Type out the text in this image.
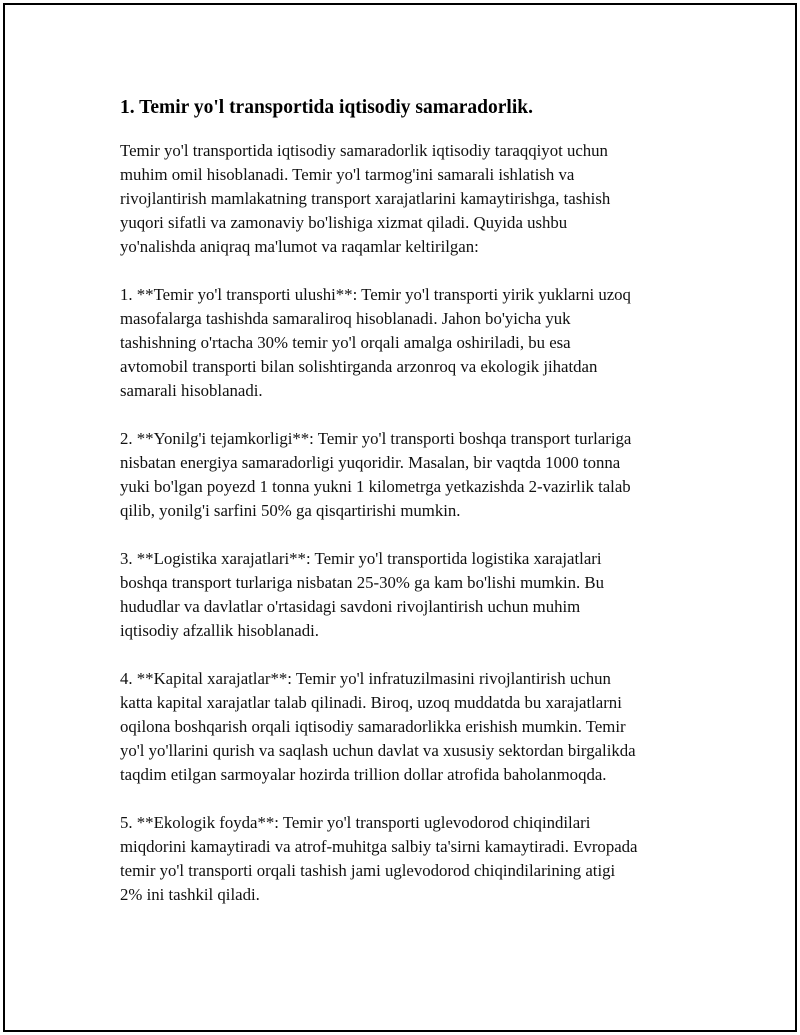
1. Temir yo'l transportida iqtisodiy samaradorlik.

Temir yo'l transportida iqtisodiy samaradorlik iqtisodiy taraqqiyot uchun
muhim omil hisoblanadi. Temir yo'l tarmog'ini samarali ishlatish va
rivojlantirish mamlakatning transport xarajatlarini kamaytirishga, tashish
yuqori sifatli va zamonaviy bo'lishiga xizmat qiladi. Quyida ushbu
yo'nalishda aniqraq ma'lumot va raqamlar keltirilgan:

1. **Temir yo'l transporti ulushi**: Temir yo'l transporti yirik yuklarni uzoq
masofalarga tashishda samaraliroq hisoblanadi. Jahon bo'yicha yuk
tashishning o'rtacha 30% temir yo'l orqali amalga oshiriladi, bu esa
avtomobil transporti bilan solishtirganda arzonroq va ekologik jihatdan
samarali hisoblanadi.

2. **Yonilg'i tejamkorligi**: Temir yo'l transporti boshqa transport turlariga
nisbatan energiya samaradorligi yuqoridir. Masalan, bir vaqtda 1000 tonna
yuki bo'lgan poyezd 1 tonna yukni 1 kilometrga yetkazishda 2-vazirlik talab
qilib, yonilg'i sarfini 50% ga qisqartirishi mumkin.

3. **Logistika xarajatlari**: Temir yo'l transportida logistika xarajatlari
boshqa transport turlariga nisbatan 25-30% ga kam bo'lishi mumkin. Bu
hududlar va davlatlar o'rtasidagi savdoni rivojlantirish uchun muhim
iqtisodiy afzallik hisoblanadi.

4. **Kapital xarajatlar**: Temir yo'l infratuzilmasini rivojlantirish uchun
katta kapital xarajatlar talab qilinadi. Biroq, uzoq muddatda bu xarajatlarni
oqilona boshqarish orqali iqtisodiy samaradorlikka erishish mumkin. Temir
yo'l yo'llarini qurish va saqlash uchun davlat va xususiy sektordan birgalikda
taqdim etilgan sarmoyalar hozirda trillion dollar atrofida baholanmoqda.

5. **Ekologik foyda**: Temir yo'l transporti uglevodorod chiqindilari
miqdorini kamaytiradi va atrof-muhitga salbiy ta'sirni kamaytiradi. Evropada
temir yo'l transporti orqali tashish jami uglevodorod chiqindilarining atigi
2% ini tashkil qiladi.
